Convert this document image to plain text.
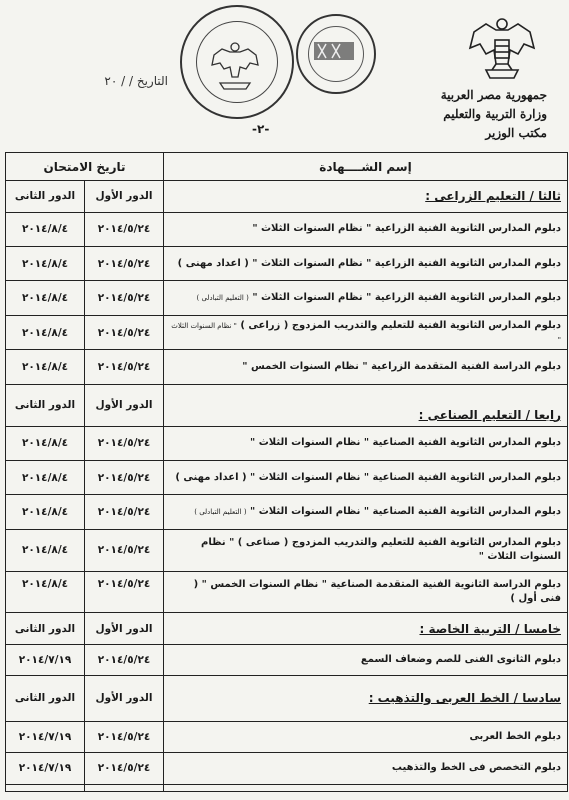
جمهورية مصر العربية
وزارة التربية والتعليم
مكتب الوزير
التاريخ / / ٢٠
-٢-
تاريخ الامتحان		إسم الشــــهادة
الدور الثانى	الدور الأول	ثالثا / التعليم الزراعى :
٢٠١٤/٨/٤	٢٠١٤/٥/٢٤	دبلوم المدارس الثانوية الفنية الزراعية " نظام السنوات الثلاث "
٢٠١٤/٨/٤	٢٠١٤/٥/٢٤	دبلوم المدارس الثانوية الفنية الزراعية " نظام السنوات الثلاث " ( اعداد مهنى )
٢٠١٤/٨/٤	٢٠١٤/٥/٢٤	دبلوم المدارس الثانوية الفنية الزراعية " نظام السنوات الثلاث " ( التعليم التبادلى )
٢٠١٤/٨/٤	٢٠١٤/٥/٢٤	دبلوم المدارس الثانوية الفنية للتعليم والتدريب المزدوج ( زراعى ) " نظام السنوات الثلاث "
٢٠١٤/٨/٤	٢٠١٤/٥/٢٤	دبلوم الدراسة الفنية المتقدمة الزراعية " نظام السنوات الخمس "
الدور الثانى	الدور الأول	رابعا / التعليم الصناعى :
٢٠١٤/٨/٤	٢٠١٤/٥/٢٤	دبلوم المدارس الثانوية الفنية الصناعية " نظام السنوات الثلاث "
٢٠١٤/٨/٤	٢٠١٤/٥/٢٤	دبلوم المدارس الثانوية الفنية الصناعية " نظام السنوات الثلاث " ( اعداد مهنى )
٢٠١٤/٨/٤	٢٠١٤/٥/٢٤	دبلوم المدارس الثانوية الفنية الصناعية " نظام السنوات الثلاث " ( التعليم التبادلى )
٢٠١٤/٨/٤	٢٠١٤/٥/٢٤	دبلوم المدارس الثانوية الفنية للتعليم والتدريب المزدوج ( صناعى ) " نظام السنوات الثلاث "
٢٠١٤/٨/٤	٢٠١٤/٥/٢٤	دبلوم الدراسة الثانوية الفنية المتقدمة الصناعية " نظام السنوات الخمس " ( فنى أول )
الدور الثانى	الدور الأول	خامسا / التربية الخاصة :
٢٠١٤/٧/١٩	٢٠١٤/٥/٢٤	دبلوم الثانوى الفنى للصم وضعاف السمع
الدور الثانى	الدور الأول	سادسا / الخط العربى والتذهيب :
٢٠١٤/٧/١٩	٢٠١٤/٥/٢٤	دبلوم الخط العربى
٢٠١٤/٧/١٩	٢٠١٤/٥/٢٤	دبلوم التخصص فى الخط والتذهيب
